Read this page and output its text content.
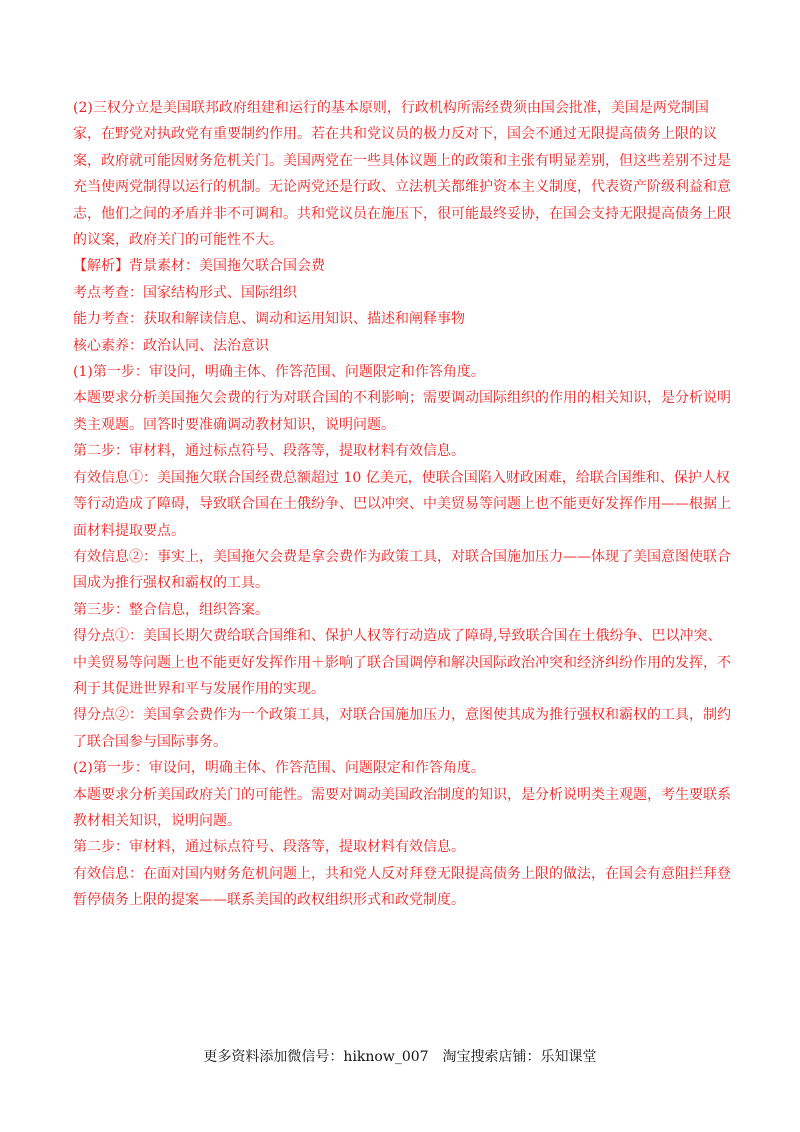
(2)三权分立是美国联邦政府组建和运行的基本原则，行政机构所需经费须由国会批准，美国是两党制国家，在野党对执政党有重要制约作用。若在共和党议员的极力反对下，国会不通过无限提高债务上限的议案，政府就可能因财务危机关门。美国两党在一些具体议题上的政策和主张有明显差别，但这些差别不过是充当使两党制得以运行的机制。无论两党还是行政、立法机关都维护资本主义制度，代表资产阶级利益和意志，他们之间的矛盾并非不可调和。共和党议员在施压下，很可能最终妥协，在国会支持无限提高债务上限的议案，政府关门的可能性不大。

【解析】背景素材：美国拖欠联合国会费

考点考查：国家结构形式、国际组织

能力考查：获取和解读信息、调动和运用知识、描述和阐释事物

核心素养：政治认同、法治意识

(1)第一步：审设问，明确主体、作答范围、问题限定和作答角度。

本题要求分析美国拖欠会费的行为对联合国的不利影响；需要调动国际组织的作用的相关知识，是分析说明类主观题。回答时要准确调动教材知识，说明问题。

第二步：审材料，通过标点符号、段落等，提取材料有效信息。

有效信息①：美国拖欠联合国经费总额超过 10 亿美元，使联合国陷入财政困难，给联合国维和、保护人权等行动造成了障碍，导致联合国在土俄纷争、巴以冲突、中美贸易等问题上也不能更好发挥作用——根据上面材料提取要点。

有效信息②：事实上，美国拖欠会费是拿会费作为政策工具，对联合国施加压力——体现了美国意图使联合国成为推行强权和霸权的工具。

第三步：整合信息，组织答案。

得分点①：美国长期欠费给联合国维和、保护人权等行动造成了障碍,导致联合国在土俄纷争、巴以冲突、中美贸易等问题上也不能更好发挥作用＋影响了联合国调停和解决国际政治冲突和经济纠纷作用的发挥，不利于其促进世界和平与发展作用的实现。

得分点②：美国拿会费作为一个政策工具，对联合国施加压力，意图使其成为推行强权和霸权的工具，制约了联合国参与国际事务。

(2)第一步：审设问，明确主体、作答范围、问题限定和作答角度。

本题要求分析美国政府关门的可能性。需要对调动美国政治制度的知识，是分析说明类主观题，考生要联系教材相关知识，说明问题。

第二步：审材料，通过标点符号、段落等，提取材料有效信息。

有效信息：在面对国内财务危机问题上，共和党人反对拜登无限提高债务上限的做法，在国会有意阻拦拜登暂停债务上限的提案——联系美国的政权组织形式和政党制度。

更多资料添加微信号：hiknow_007　淘宝搜索店铺：乐知课堂
